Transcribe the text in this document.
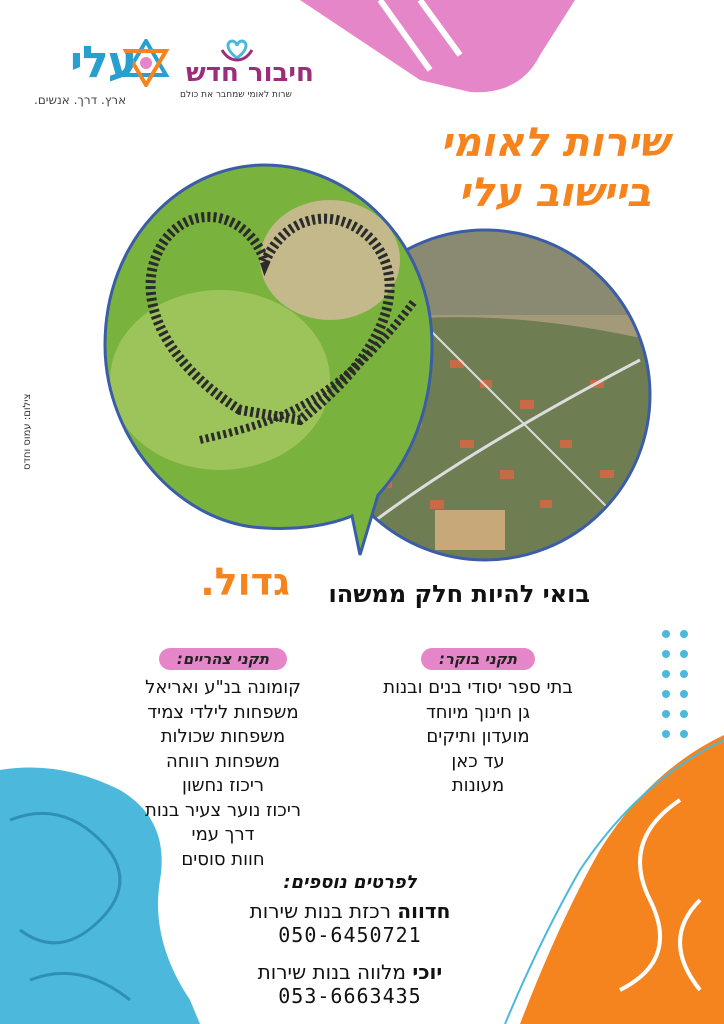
עלי
ארץ. דרך. אנשים.
חיבור חדש
שרות לאומי שמחבר את כולם
שירות לאומי
ביישוב עלי
צילום: עמוס וחדס
גדול. בואי להיות חלק ממשהו
תקני בוקר:
בתי ספר יסודי בנים ובנות
גן חינוך מיוחד
מועדון ותיקים
עד כאן
מעונות
תקני צהריים:
קומונה בנ"ע ואריאל
משפחות לילדי צמיד
משפחות שכולות
משפחות רווחה
ריכוז נחשון
ריכוז נוער צעיר בנות
דרך עמי
חוות סוסים
לפרטים נוספים:
חדווה רכזת בנות שירות
050-6450721
יוכי מלווה בנות שירות
053-6663435
